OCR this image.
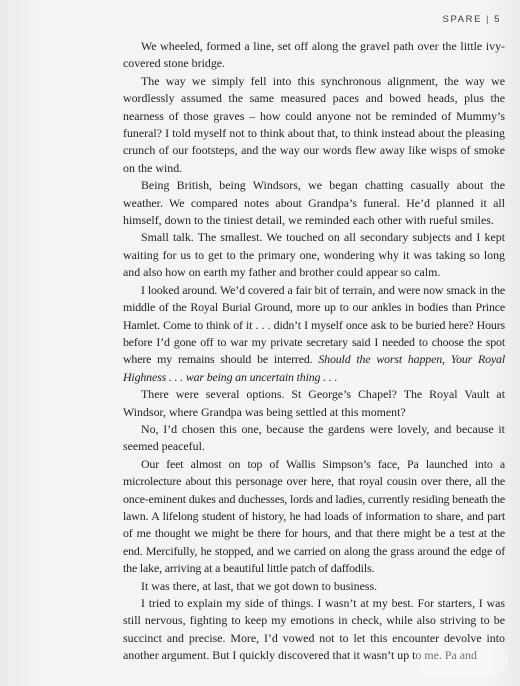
SPARE | 5

We wheeled, formed a line, set off along the gravel path over the little ivy-covered stone bridge.

The way we simply fell into this synchronous alignment, the way we wordlessly assumed the same measured paces and bowed heads, plus the nearness of those graves – how could anyone not be reminded of Mummy’s funeral? I told myself not to think about that, to think instead about the pleasing crunch of our footsteps, and the way our words flew away like wisps of smoke on the wind.

Being British, being Windsors, we began chatting casually about the weather. We compared notes about Grandpa’s funeral. He’d planned it all himself, down to the tiniest detail, we reminded each other with rueful smiles.

Small talk. The smallest. We touched on all secondary subjects and I kept waiting for us to get to the primary one, wondering why it was taking so long and also how on earth my father and brother could appear so calm.

I looked around. We’d covered a fair bit of terrain, and were now smack in the middle of the Royal Burial Ground, more up to our ankles in bodies than Prince Hamlet. Come to think of it . . . didn’t I myself once ask to be buried here? Hours before I’d gone off to war my private secretary said I needed to choose the spot where my remains should be interred. Should the worst happen, Your Royal Highness . . . war being an uncertain thing . . .

There were several options. St George’s Chapel? The Royal Vault at Windsor, where Grandpa was being settled at this moment?

No, I’d chosen this one, because the gardens were lovely, and because it seemed peaceful.

Our feet almost on top of Wallis Simpson’s face, Pa launched into a microlecture about this personage over here, that royal cousin over there, all the once-eminent dukes and duchesses, lords and ladies, currently residing beneath the lawn. A lifelong student of history, he had loads of information to share, and part of me thought we might be there for hours, and that there might be a test at the end. Mercifully, he stopped, and we carried on along the grass around the edge of the lake, arriving at a beautiful little patch of daffodils.

It was there, at last, that we got down to business.

I tried to explain my side of things. I wasn’t at my best. For starters, I was still nervous, fighting to keep my emotions in check, while also striving to be succinct and precise. More, I’d vowed not to let this encounter devolve into another argument. But I quickly discovered that it wasn’t up to me. Pa and
